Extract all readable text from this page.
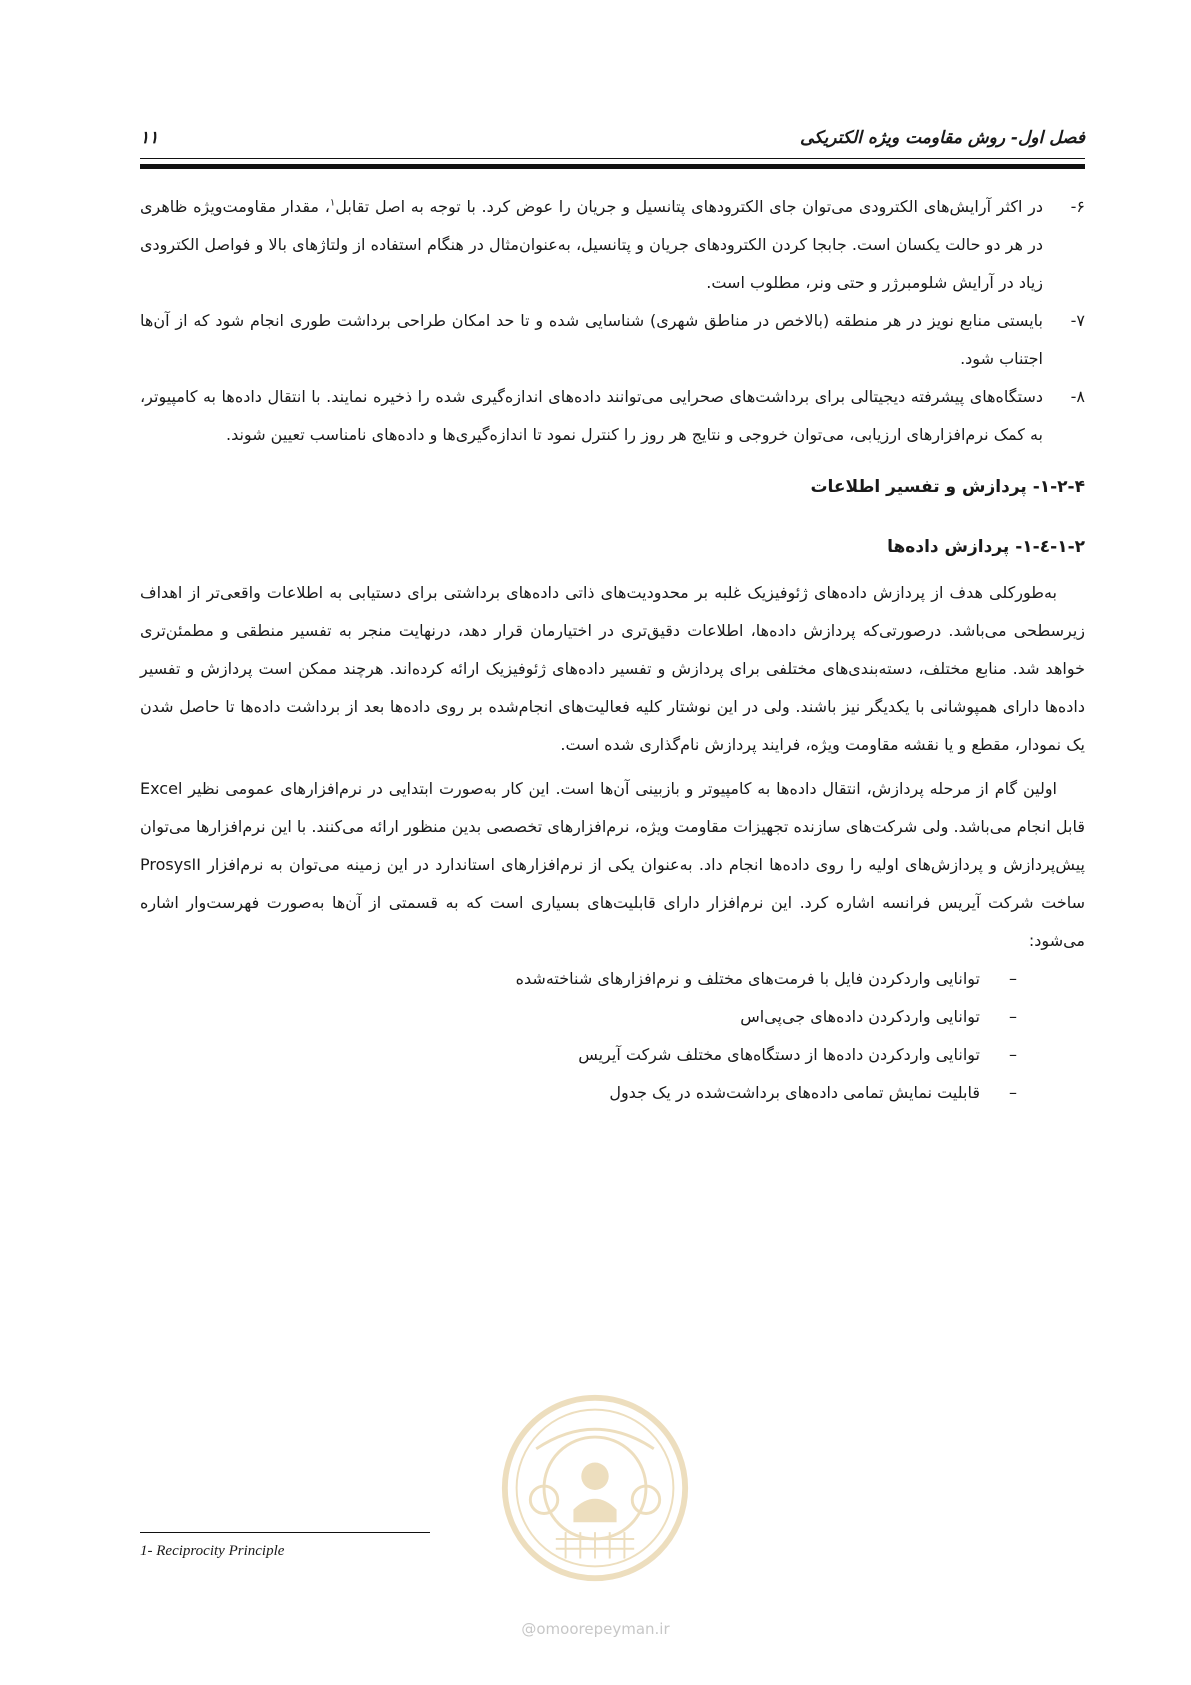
فصل اول- روش مقاومت ویژه الکتریکی
۱۱

۶-
در اکثر آرایش‌های الکترودی می‌توان جای الکترودهای پتانسیل و جریان را عوض کرد. با توجه به اصل تقابل$^۱$، مقدار مقاومت‌ویژه ظاهری در هر دو حالت یکسان است. جابجا کردن الکترودهای جریان و پتانسیل، به‌عنوان‌مثال در هنگام استفاده از ولتاژهای بالا و فواصل الکترودی زیاد در آرایش شلومبرژر و حتی ونر، مطلوب است.

۷-
بایستی منابع نویز در هر منطقه (بالاخص در مناطق شهری) شناسایی شده و تا حد امکان طراحی برداشت طوری انجام شود که از آن‌ها اجتناب شود.

۸-
دستگاه‌های پیشرفته دیجیتالی برای برداشت‌های صحرایی می‌توانند داده‌های اندازه‌گیری شده را ذخیره نمایند. با انتقال داده‌ها به کامپیوتر، به کمک نرم‌افزارهای ارزیابی، می‌توان خروجی و نتایج هر روز را کنترل نمود تا اندازه‌گیری‌ها و داده‌های نامناسب تعیین شوند.

۱-۲-۴- پردازش و تفسیر اطلاعات
۱-۲-٤-۱- پردازش داده‌ها

به‌طورکلی هدف از پردازش داده‌های ژئوفیزیک غلبه بر محدودیت‌های ذاتی داده‌های برداشتی برای دستیابی به اطلاعات واقعی‌تر از اهداف زیرسطحی می‌باشد. درصورتی‌که پردازش داده‌ها، اطلاعات دقیق‌تری در اختیارمان قرار دهد، درنهایت منجر به تفسیر منطقی و مطمئن‌تری خواهد شد. منابع مختلف، دسته‌بندی‌های مختلفی برای پردازش و تفسیر داده‌های ژئوفیزیک ارائه کرده‌اند. هرچند ممکن است پردازش و تفسیر داده‌ها دارای همپوشانی با یکدیگر نیز باشند. ولی در این نوشتار کلیه فعالیت‌های انجام‌شده بر روی داده‌ها بعد از برداشت داده‌ها تا حاصل شدن یک نمودار، مقطع و یا نقشه مقاومت ویژه، فرایند پردازش نام‌گذاری شده است.

اولین گام از مرحله پردازش، انتقال داده‌ها به کامپیوتر و بازبینی آن‌ها است. این کار به‌صورت ابتدایی در نرم‌افزارهای عمومی نظیر Excel قابل انجام می‌باشد. ولی شرکت‌های سازنده تجهیزات مقاومت ویژه، نرم‌افزارهای تخصصی بدین منظور ارائه می‌کنند. با این نرم‌افزارها می‌توان پیش‌پردازش و پردازش‌های اولیه را روی داده‌ها انجام داد. به‌عنوان یکی از نرم‌افزارهای استاندارد در این زمینه می‌توان به نرم‌افزار ProsysII ساخت شرکت آیریس فرانسه اشاره کرد. این نرم‌افزار دارای قابلیت‌های بسیاری است که به قسمتی از آن‌ها به‌صورت فهرست‌وار اشاره می‌شود:

–
توانایی واردکردن فایل با فرمت‌های مختلف و نرم‌افزارهای شناخته‌شده
–
توانایی واردکردن داده‌های جی‌پی‌اس
–
توانایی واردکردن داده‌ها از دستگاه‌های مختلف شرکت آیریس
–
قابلیت نمایش تمامی داده‌های برداشت‌شده در یک جدول
@omoorepeyman.ir
1- Reciprocity Principle
